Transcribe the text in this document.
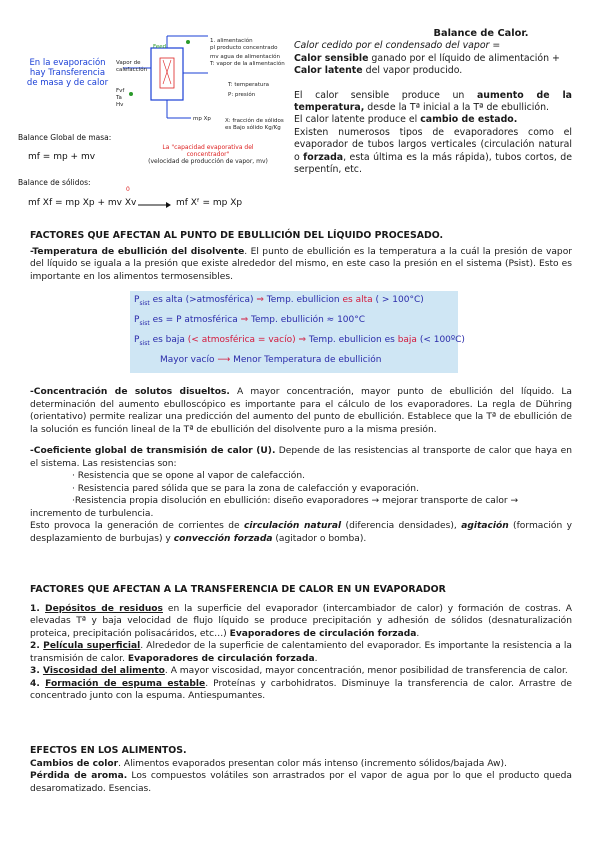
En la evaporación
hay Transferencia
de masa y de calor
Feed
Vapor de
calefacción
Fvf
Ta
Hv
mp Xp
1. alimentación
pl producto concentrado
mv agua de alimentación
T: vapor de la alimentación
T: temperatura
P: presión
X: fracción de sólidos
es Bajo sólido Kg/Kg
Balance Global de masa:
mf = mp + mv
La "capacidad evaporativa del concentrador"
(velocidad de producción de vapor, mv)
Balance de sólidos:
0
mf Xf = mp Xp + mv Xv	mf Xᶠ = mp Xp
Balance de Calor.

Calor cedido por el condensado del vapor =

Calor sensible ganado por el líquido de alimentación + Calor latente del vapor producido.

El calor sensible produce un aumento de la temperatura, desde la Tª inicial a la Tª de ebullición.

El calor latente produce el cambio de estado.

Existen numerosos tipos de evaporadores como el evaporador de tubos largos verticales (circulación natural o forzada, esta última es la más rápida), tubos cortos, de serpentín, etc.

FACTORES QUE AFECTAN AL PUNTO DE EBULLICIÓN DEL LÍQUIDO PROCESADO.

-Temperatura de ebullición del disolvente. El punto de ebullición es la temperatura a la cuál la presión de vapor del líquido se iguala a la presión que existe alrededor del mismo, en este caso la presión en el sistema (Psist). Esto es importante en los alimentos termosensibles.

$P_{sist}$ es alta (>atmosférica) ⇒ Temp. ebullicion es alta ( > 100°C)
$P_{sist}$ es = P atmosférica ⇒ Temp. ebullición ≈ 100°C
$P_{sist}$ es baja (< atmosférica = vacío) ⇒ Temp. ebullicion es baja (< 100ºC)
Mayor vacío ⟶ Menor Temperatura de ebullición

-Concentración de solutos disueltos. A mayor concentración, mayor punto de ebullición del líquido. La determinación del aumento ebulloscópico es importante para el cálculo de los evaporadores. La regla de Dühring (orientativo) permite realizar una predicción del aumento del punto de ebullición. Establece que la Tª de ebullición de la solución es función lineal de la Tª de ebullición del disolvente puro a la misma presión.

-Coeficiente global de transmisión de calor (U). Depende de las resistencias al transporte de calor que haya en el sistema. Las resistencias son:

· Resistencia que se opone al vapor de calefacción.

· Resistencia pared sólida que se para la zona de calefacción y evaporación.

·Resistencia propia disolución en ebullición: diseño evaporadores → mejorar transporte de calor →

incremento de turbulencia.

Esto provoca la generación de corrientes de circulación natural (diferencia densidades), agitación (formación y desplazamiento de burbujas) y convección forzada (agitador o bomba).

FACTORES QUE AFECTAN A LA TRANSFERENCIA DE CALOR EN UN EVAPORADOR

1. Depósitos de residuos en la superficie del evaporador (intercambiador de calor) y formación de costras. A elevadas Tª y baja velocidad de flujo líquido se produce precipitación y adhesión de sólidos (desnaturalización proteica, precipitación polisacáridos, etc…) Evaporadores de circulación forzada.

2. Película superficial. Alrededor de la superficie de calentamiento del evaporador. Es importante la resistencia a la transmisión de calor. Evaporadores de circulación forzada.

3. Viscosidad del alimento. A mayor viscosidad, mayor concentración, menor posibilidad de transferencia de calor.

4. Formación de espuma estable. Proteínas y carbohidratos. Disminuye la transferencia de calor. Arrastre de concentrado junto con la espuma. Antiespumantes.

EFECTOS EN LOS ALIMENTOS.

Cambios de color. Alimentos evaporados presentan color más intenso (incremento sólidos/bajada Aw).

Pérdida de aroma. Los compuestos volátiles son arrastrados por el vapor de agua por lo que el producto queda desaromatizado. Esencias.
